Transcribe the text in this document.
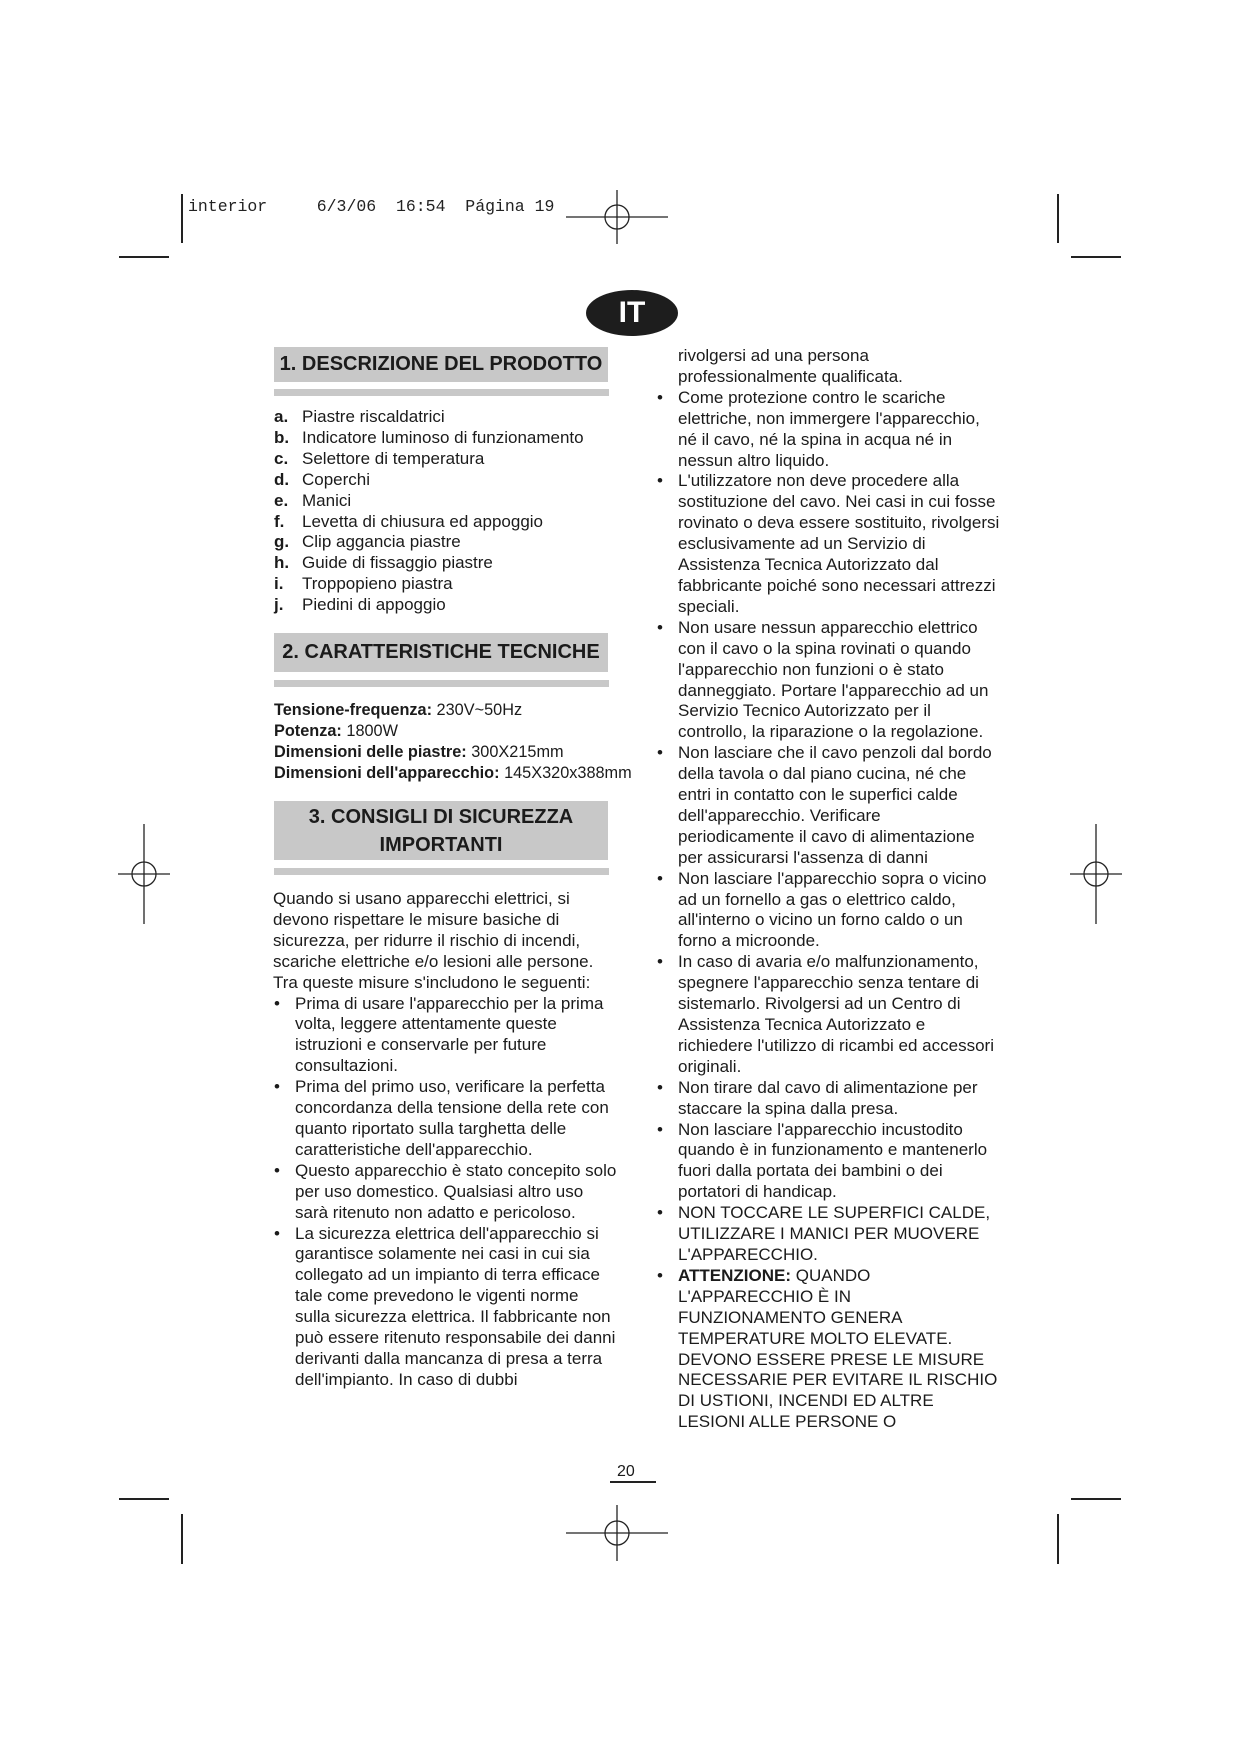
interior	6/3/06 16:54 Página 19
IT
1. DESCRIZIONE DEL PRODOTTO
a. Piastre riscaldatrici
b. Indicatore luminoso di funzionamento
c. Selettore di temperatura
d. Coperchi
e. Manici
f. Levetta di chiusura ed appoggio
g. Clip aggancia piastre
h. Guide di fissaggio piastre
i. Troppopieno piastra
j. Piedini di appoggio
2. CARATTERISTICHE TECNICHE
Tensione-frequenza: 230V~50Hz
Potenza: 1800W
Dimensioni delle piastre: 300X215mm
Dimensioni dell'apparecchio: 145X320x388mm
3. CONSIGLI DI SICUREZZA
IMPORTANTI
Quando si usano apparecchi elettrici, si devono rispettare le misure basiche di sicurezza, per ridurre il rischio di incendi, scariche elettriche e/o lesioni alle persone. Tra queste misure s'includono le seguenti:
• Prima di usare l'apparecchio per la prima volta, leggere attentamente queste istruzioni e conservarle per future consultazioni.
• Prima del primo uso, verificare la perfetta concordanza della tensione della rete con quanto riportato sulla targhetta delle caratteristiche dell'apparecchio.
• Questo apparecchio è stato concepito solo per uso domestico. Qualsiasi altro uso sarà ritenuto non adatto e pericoloso.
• La sicurezza elettrica dell'apparecchio si garantisce solamente nei casi in cui sia collegato ad un impianto di terra efficace tale come prevedono le vigenti norme sulla sicurezza elettrica. Il fabbricante non può essere ritenuto responsabile dei danni derivanti dalla mancanza di presa a terra dell'impianto. In caso di dubbi
rivolgersi ad una persona professionalmente qualificata.
• Come protezione contro le scariche elettriche, non immergere l'apparecchio, né il cavo, né la spina in acqua né in nessun altro liquido.
• L'utilizzatore non deve procedere alla sostituzione del cavo. Nei casi in cui fosse rovinato o deva essere sostituito, rivolgersi esclusivamente ad un Servizio di Assistenza Tecnica Autorizzato dal fabbricante poiché sono necessari attrezzi speciali.
• Non usare nessun apparecchio elettrico con il cavo o la spina rovinati o quando l'apparecchio non funzioni o è stato danneggiato. Portare l'apparecchio ad un Servizio Tecnico Autorizzato per il controllo, la riparazione o la regolazione.
• Non lasciare che il cavo penzoli dal bordo della tavola o dal piano cucina, né che entri in contatto con le superfici calde dell'apparecchio. Verificare periodicamente il cavo di alimentazione per assicurarsi l'assenza di danni
• Non lasciare l'apparecchio sopra o vicino ad un fornello a gas o elettrico caldo, all'interno o vicino un forno caldo o un forno a microonde.
• In caso di avaria e/o malfunzionamento, spegnere l'apparecchio senza tentare di sistemarlo. Rivolgersi ad un Centro di Assistenza Tecnica Autorizzato e richiedere l'utilizzo di ricambi ed accessori originali.
• Non tirare dal cavo di alimentazione per staccare la spina dalla presa.
• Non lasciare l'apparecchio incustodito quando è in funzionamento e mantenerlo fuori dalla portata dei bambini o dei portatori di handicap.
• NON TOCCARE LE SUPERFICI CALDE, UTILIZZARE I MANICI PER MUOVERE L'APPARECCHIO.
• ATTENZIONE: QUANDO L'APPARECCHIO È IN FUNZIONAMENTO GENERA TEMPERATURE MOLTO ELEVATE. DEVONO ESSERE PRESE LE MISURE NECESSARIE PER EVITARE IL RISCHIO DI USTIONI, INCENDI ED ALTRE LESIONI ALLE PERSONE O
20
